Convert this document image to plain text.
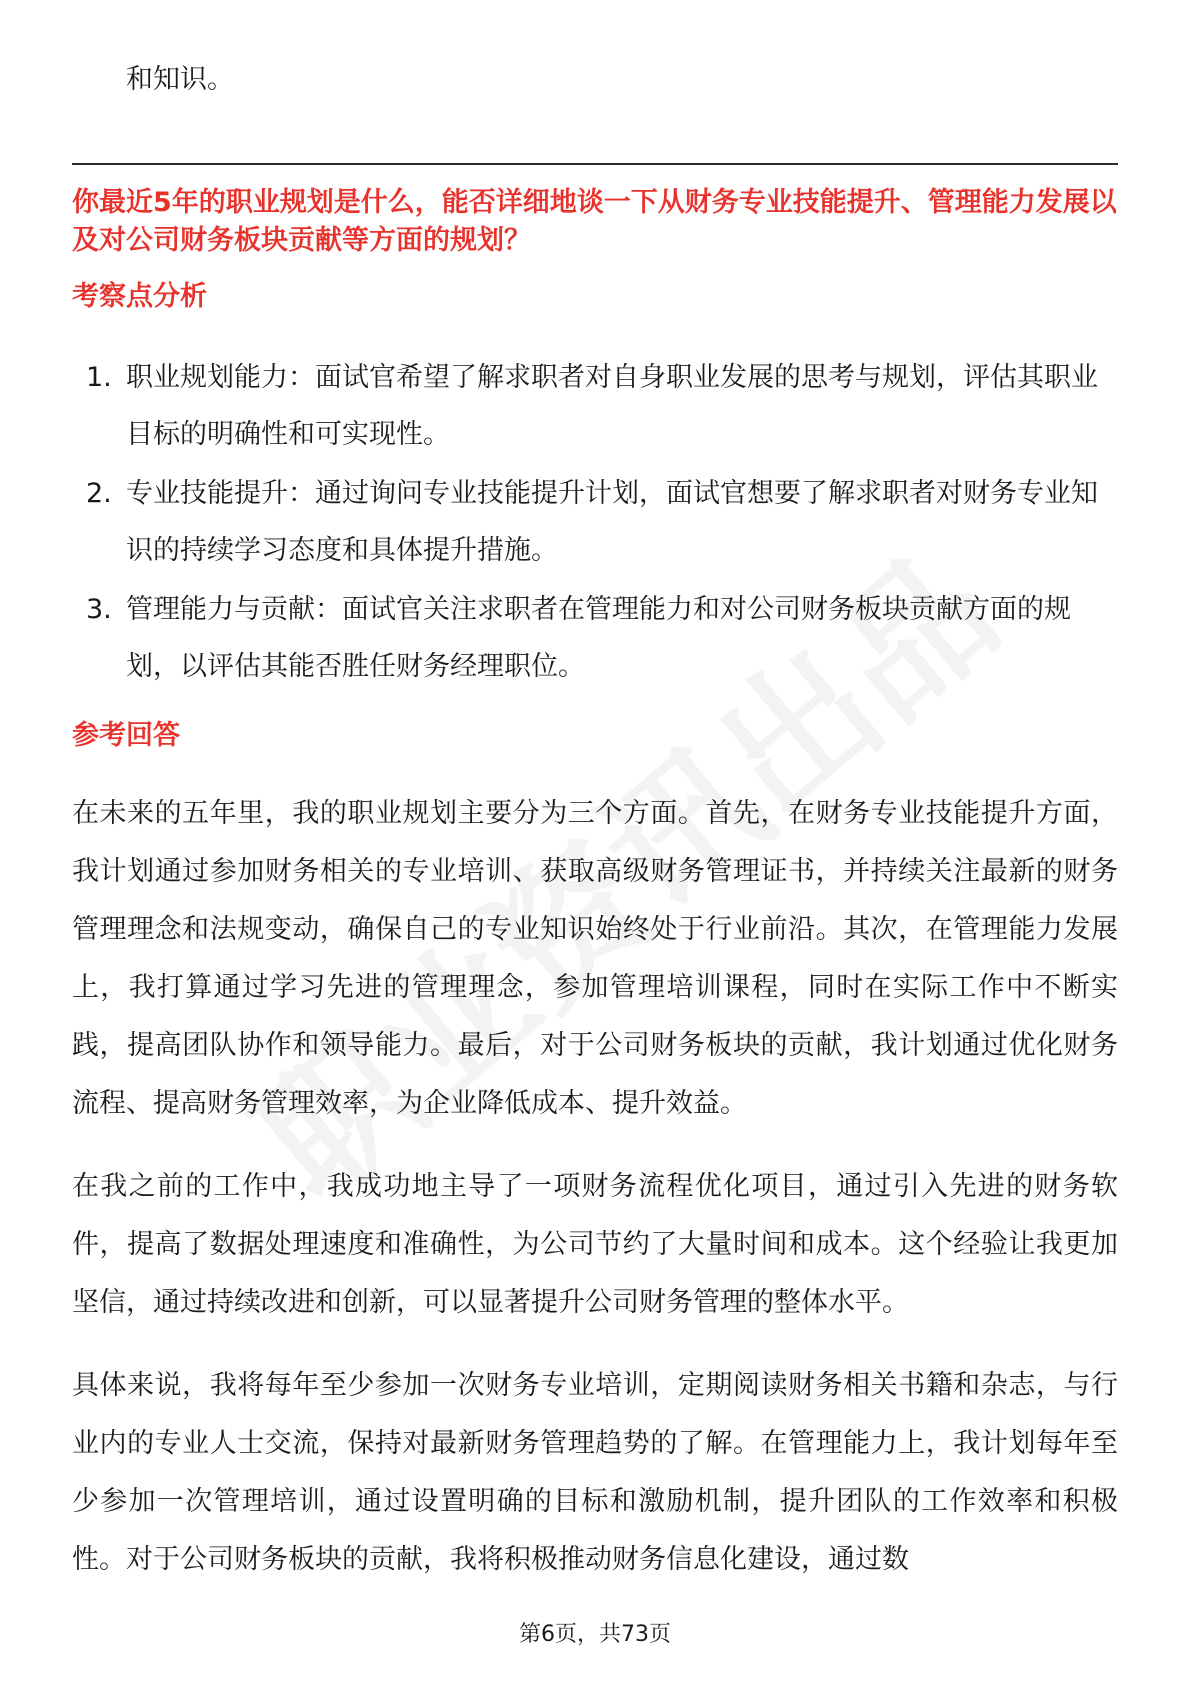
和知识。

你最近5年的职业规划是什么，能否详细地谈一下从财务专业技能提升、管理能力发展以及对公司财务板块贡献等方面的规划？

考察点分析
1. 职业规划能力：面试官希望了解求职者对自身职业发展的思考与规划，评估其职业目标的明确性和可实现性。
2. 专业技能提升：通过询问专业技能提升计划，面试官想要了解求职者对财务专业知识的持续学习态度和具体提升措施。
3. 管理能力与贡献：面试官关注求职者在管理能力和对公司财务板块贡献方面的规划，以评估其能否胜任财务经理职位。
参考回答

在未来的五年里，我的职业规划主要分为三个方面。首先，在财务专业技能提升方面，我计划通过参加财务相关的专业培训、获取高级财务管理证书，并持续关注最新的财务管理理念和法规变动，确保自己的专业知识始终处于行业前沿。其次，在管理能力发展上，我打算通过学习先进的管理理念，参加管理培训课程，同时在实际工作中不断实践，提高团队协作和领导能力。最后，对于公司财务板块的贡献，我计划通过优化财务流程、提高财务管理效率，为企业降低成本、提升效益。

在我之前的工作中，我成功地主导了一项财务流程优化项目，通过引入先进的财务软件，提高了数据处理速度和准确性，为公司节约了大量时间和成本。这个经验让我更加坚信，通过持续改进和创新，可以显著提升公司财务管理的整体水平。

具体来说，我将每年至少参加一次财务专业培训，定期阅读财务相关书籍和杂志，与行业内的专业人士交流，保持对最新财务管理趋势的了解。在管理能力上，我计划每年至少参加一次管理培训，通过设置明确的目标和激励机制，提升团队的工作效率和积极性。对于公司财务板块的贡献，我将积极推动财务信息化建设，通过数

第6页，共73页
